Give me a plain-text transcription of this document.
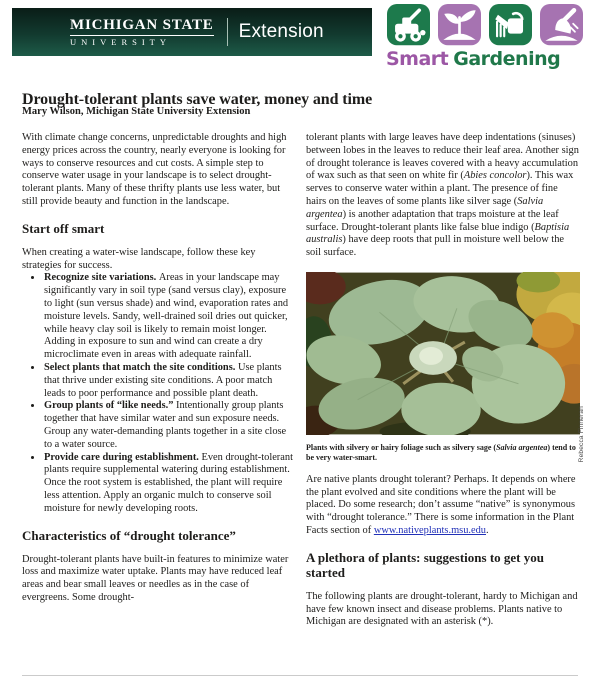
MICHIGAN STATE
UNIVERSITY	Extension
Smart Gardening
Drought-tolerant plants save water, money and time
Mary Wilson, Michigan State University Extension

With climate change concerns, unpredictable droughts and high energy prices across the country, nearly everyone is looking for ways to conserve resources and cut costs. A simple step to conserve water usage in your landscape is to select drought-tolerant plants. Many of these thrifty plants use less water, but still provide beauty and function in the landscape.

Start off smart

When creating a water-wise landscape, follow these key strategies for success.

• Recognize site variations. Areas in your landscape may significantly vary in soil type (sand versus clay), exposure to light (sun versus shade) and wind, evaporation rates and moisture levels. Sandy, well-drained soil dries out quicker, while heavy clay soil is likely to remain moist longer. Adding in exposure to sun and wind can create a dry microclimate even in areas with adequate rainfall.
• Select plants that match the site conditions. Use plants that thrive under existing site conditions. A poor match leads to poor performance and possible plant death.
• Group plants of “like needs.” Intentionally group plants together that have similar water and sun exposure needs. Group any water-demanding plants together in a site close to a water source.
• Provide care during establishment. Even drought-tolerant plants require supplemental watering during establishment. Once the root system is established, the plant will require less attention. Apply an organic mulch to conserve soil moisture for newly developing roots.
Characteristics of “drought tolerance”

Drought-tolerant plants have built-in features to minimize water loss and maximize water uptake. Plants may have reduced leaf areas and bear small leaves or needles as in the case of evergreens. Some drought-

tolerant plants with large leaves have deep indentations (sinuses) between lobes in the leaves to reduce their leaf area. Another sign of drought tolerance is leaves covered with a heavy accumulation of wax such as that seen on white fir (Abies concolor). This wax serves to conserve water within a plant. The presence of fine hairs on the leaves of some plants like silver sage (Salvia argentea) is another adaptation that traps moisture at the leaf surface. Drought-tolerant plants like false blue indigo (Baptisia australis) have deep roots that pull in moisture well below the soil surface.

Rebecca Finneran
Plants with silvery or hairy foliage such as silvery sage (Salvia argentea) tend to be very water-smart.

Are native plants drought tolerant? Perhaps. It depends on where the plant evolved and site conditions where the plant will be placed. Do some research; don’t assume “native” is synonymous with “drought tolerance.” There is some information in the Plant Facts section of www.nativeplants.msu.edu.

A plethora of plants: suggestions to get you started

The following plants are drought-tolerant, hardy to Michigan and have few known insect and disease problems. Plants native to Michigan are designated with an asterisk (*).
